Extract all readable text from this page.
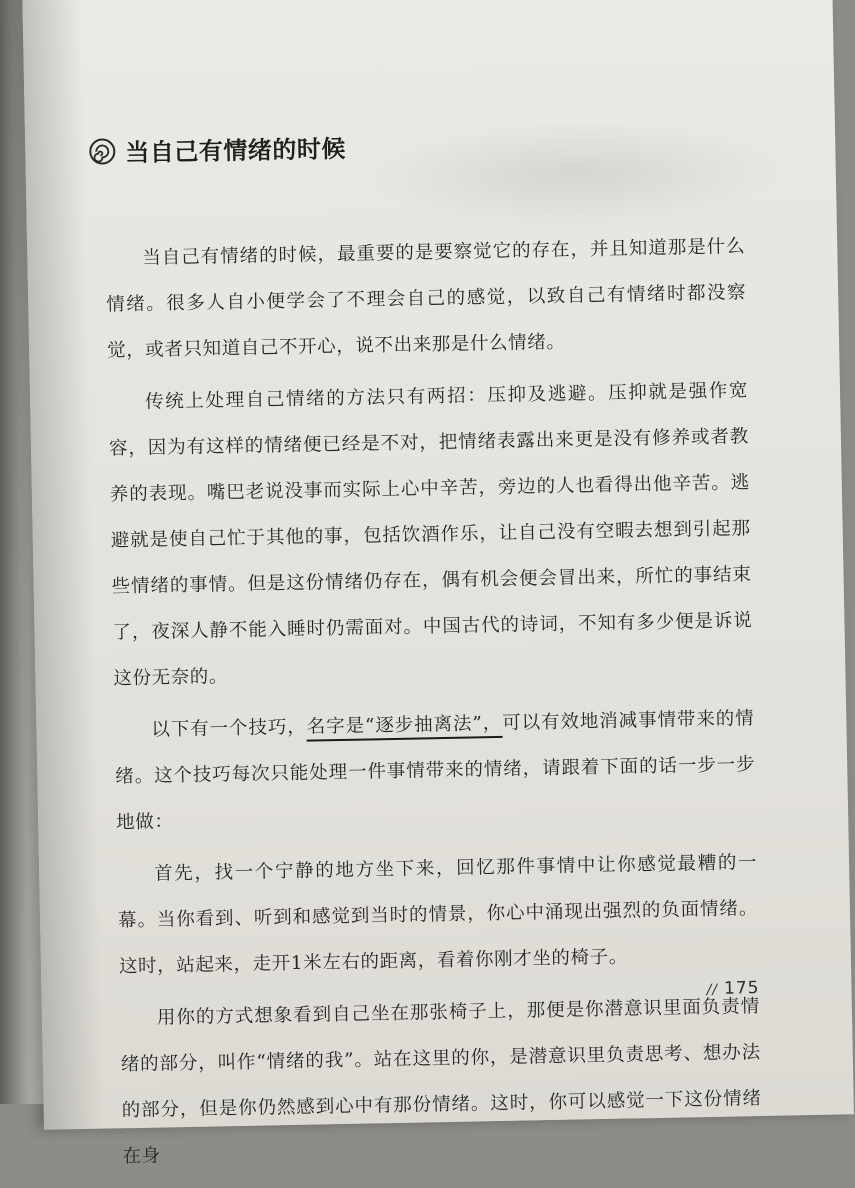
当自己有情绪的时候

当自己有情绪的时候，最重要的是要察觉它的存在，并且知道那是什么情绪。很多人自小便学会了不理会自己的感觉，以致自己有情绪时都没察觉，或者只知道自己不开心，说不出来那是什么情绪。

传统上处理自己情绪的方法只有两招：压抑及逃避。压抑就是强作宽容，因为有这样的情绪便已经是不对，把情绪表露出来更是没有修养或者教养的表现。嘴巴老说没事而实际上心中辛苦，旁边的人也看得出他辛苦。逃避就是使自己忙于其他的事，包括饮酒作乐，让自己没有空暇去想到引起那些情绪的事情。但是这份情绪仍存在，偶有机会便会冒出来，所忙的事结束了，夜深人静不能入睡时仍需面对。中国古代的诗词，不知有多少便是诉说这份无奈的。

以下有一个技巧，名字是“逐步抽离法”，可以有效地消减事情带来的情绪。这个技巧每次只能处理一件事情带来的情绪，请跟着下面的话一步一步地做：

首先，找一个宁静的地方坐下来，回忆那件事情中让你感觉最糟的一幕。当你看到、听到和感觉到当时的情景，你心中涌现出强烈的负面情绪。这时，站起来，走开1米左右的距离，看着你刚才坐的椅子。

用你的方式想象看到自己坐在那张椅子上，那便是你潜意识里面负责情绪的部分，叫作“情绪的我”。站在这里的你，是潜意识里负责思考、想办法的部分，但是你仍然感到心中有那份情绪。这时，你可以感觉一下这份情绪在身

// 175
